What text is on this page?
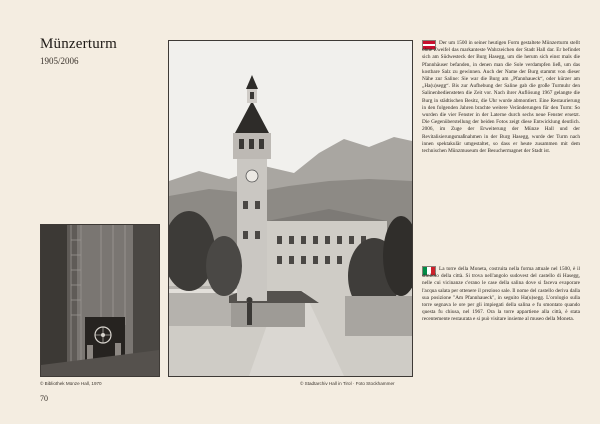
Münzerturm
1905/2006
© Bibliothek Münze Hall, 1970	© Stadtarchiv Hall in Tirol · Foto Stockhammer
70

Der um 1500 in seiner heutigen Form gestaltete Münzerturm stellt ohne Zweifel das markanteste Wahrzeichen der Stadt Hall dar. Er befindet sich am Südwesteck der Burg Hasegg, um die herum sich einst mals die Pfannhäuser befanden, in denen man die Sole verdampfen ließ, um das kostbare Salz zu gewinnen. Auch der Name der Burg stammt von dieser Nähe zur Saline: Sie war die Burg am „Pfannhaueck“, oder kürzer am „Ha(u)segg“. Bis zur Aufhebung der Saline gab die große Turmuhr den Salinenbediensteten die Zeit vor. Nach ihrer Auflösung 1967 gelangte die Burg in städtischen Besitz, die Uhr wurde abmontiert. Eine Restaurierung in den folgenden Jahren brachte weitere Veränderungen für den Turm: So wurden die vier Fenster in der Laterne durch sechs neue Fenster ersetzt. Die Gegenüberstellung der beiden Fotos zeigt diese Entwicklung deutlich. 2006, im Zuge der Erweiterung der Münze Hall und der Revitalisierungsmaßnahmen in der Burg Hasegg, wurde der Turm nach innen spektakulär umgestaltet, so dass er heute zusammen mit dem technischen Münzmuseum der Besuchermagnet der Stadt ist.

La torre della Moneta, costruita nella forma attuale nel 1500, è il simbolo della città. Si trova nell'angolo sudovest del castello di Hasegg, nelle cui vicinanze c'erano le case della salina dove si faceva evaporare l'acqua salata per ottenere il prezioso sale. Il nome del castello deriva dalla sua posizione "Am Pfannhaueck", in seguito Ha(u)segg. L'orologio sulla torre segnava le ore per gli impiegati della salina e fu smontato quando questa fu chiusa, nel 1967. Ora la torre appartiene alla città, è stata recentemente restaurata e si può visitare insieme al museo della Moneta.
